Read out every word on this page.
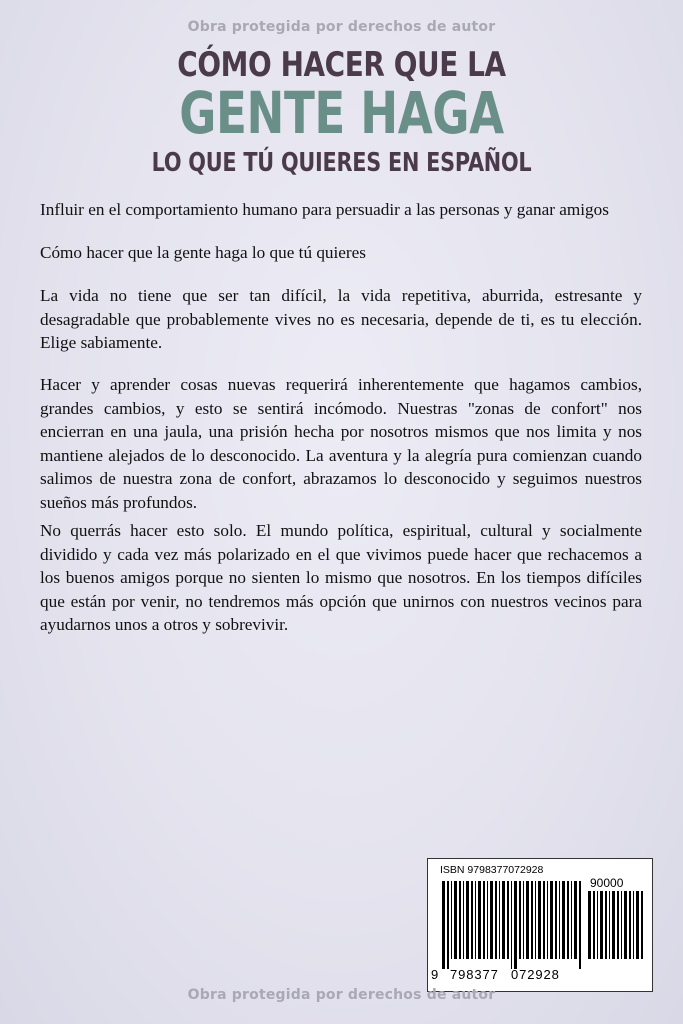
Obra protegida por derechos de autor
CÓMO HACER QUE LA
GENTE HAGA
LO QUE TÚ QUIERES EN ESPAÑOL

Influir en el comportamiento humano para persuadir a las personas y ganar amigos

Cómo hacer que la gente haga lo que tú quieres

La vida no tiene que ser tan difícil, la vida repetitiva, aburrida, estresante y desagradable que probablemente vives no es necesaria, depende de ti, es tu elección. Elige sabiamente.

Hacer y aprender cosas nuevas requerirá inherentemente que hagamos cambios, grandes cambios, y esto se sentirá incómodo. Nuestras "zonas de confort" nos encierran en una jaula, una prisión hecha por nosotros mismos que nos limita y nos mantiene alejados de lo desconocido. La aventura y la alegría pura comienzan cuando salimos de nuestra zona de confort, abrazamos lo desconocido y seguimos nuestros sueños más profundos.

No querrás hacer esto solo. El mundo política, espiritual, cultural y socialmente dividido y cada vez más polarizado en el que vivimos puede hacer que rechacemos a los buenos amigos porque no sienten lo mismo que nosotros. En los tiempos difíciles que están por venir, no tendremos más opción que unirnos con nuestros vecinos para ayudarnos unos a otros y sobrevivir.

ISBN 9798377072928
90000
9 798377 072928
Obra protegida por derechos de autor
